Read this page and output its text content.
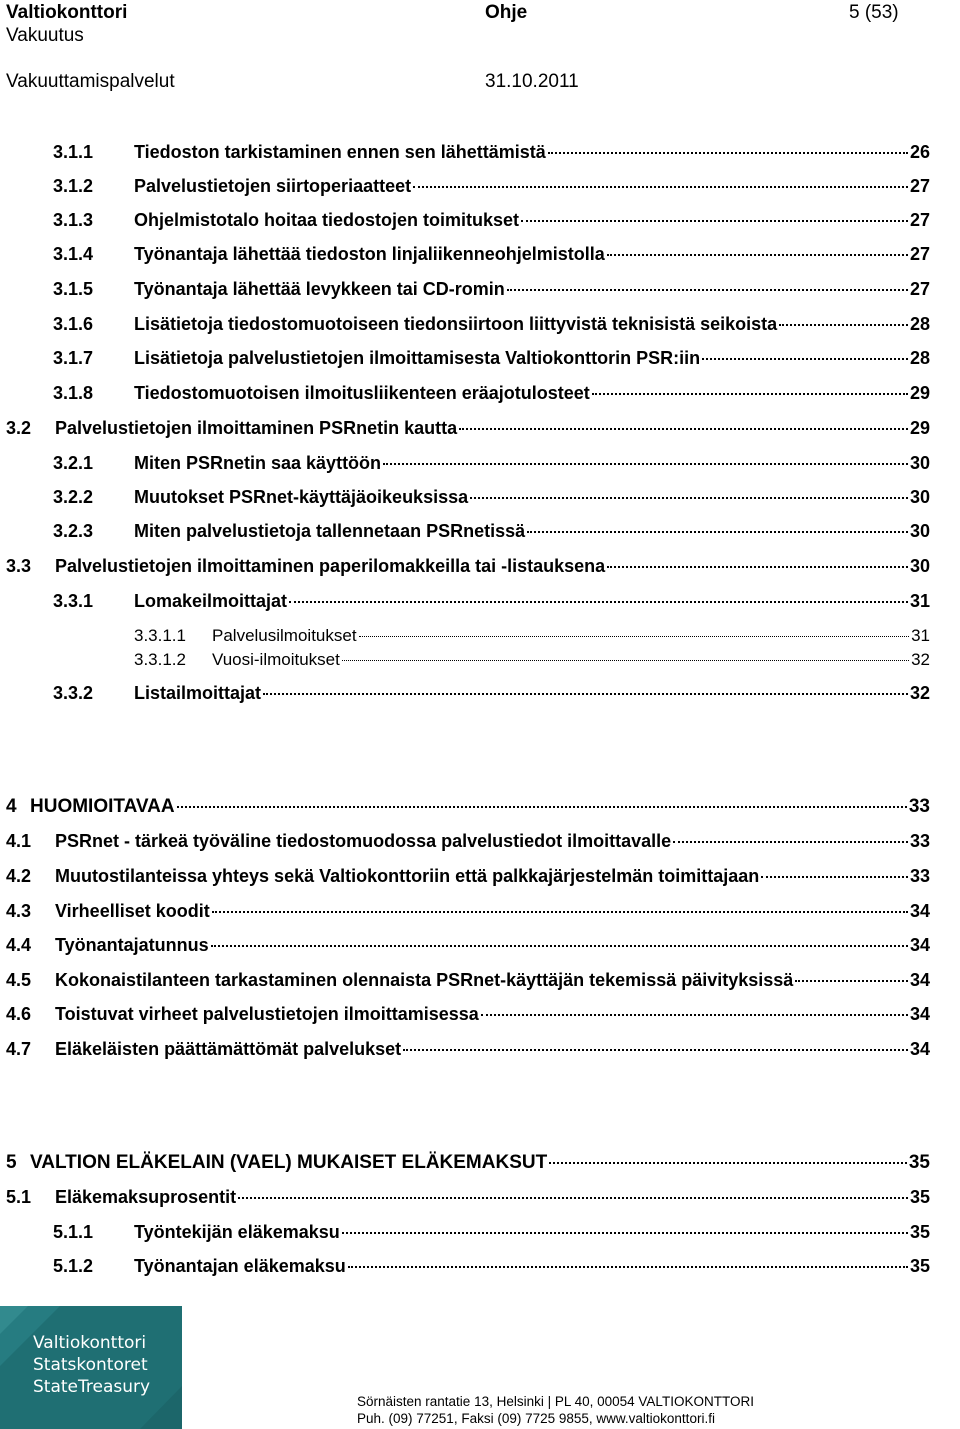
Valtiokonttori
Vakuutus
Vakuuttamispalvelut
Ohje
31.10.2011
5 (53)
3.1.1	Tiedoston tarkistaminen ennen sen lähettämistä	26
3.1.2	Palvelustietojen siirtoperiaatteet	27
3.1.3	Ohjelmistotalo hoitaa tiedostojen toimitukset	27
3.1.4	Työnantaja lähettää tiedoston linjaliikenneohjelmistolla	27
3.1.5	Työnantaja lähettää levykkeen tai CD-romin	27
3.1.6	Lisätietoja tiedostomuotoiseen tiedonsiirtoon liittyvistä teknisistä seikoista	28
3.1.7	Lisätietoja palvelustietojen ilmoittamisesta Valtiokonttorin PSR:iin	28
3.1.8	Tiedostomuotoisen ilmoitusliikenteen eräajotulosteet	29
3.2	Palvelustietojen ilmoittaminen PSRnetin kautta	29
3.2.1	Miten PSRnetin saa käyttöön	30
3.2.2	Muutokset PSRnet-käyttäjäoikeuksissa	30
3.2.3	Miten palvelustietoja tallennetaan PSRnetissä	30
3.3	Palvelustietojen ilmoittaminen paperilomakkeilla tai -listauksena	30
3.3.1	Lomakeilmoittajat	31
3.3.1.1	Palvelusilmoitukset	31
3.3.1.2	Vuosi-ilmoitukset	32
3.3.2	Listailmoittajat	32
4 HUOMIOITAVAA	33
4.1	PSRnet - tärkeä työväline tiedostomuodossa palvelustiedot ilmoittavalle	33
4.2	Muutostilanteissa yhteys sekä Valtiokonttoriin että palkkajärjestelmän toimittajaan	33
4.3	Virheelliset koodit	34
4.4	Työnantajatunnus	34
4.5	Kokonaistilanteen tarkastaminen olennaista PSRnet-käyttäjän tekemissä päivityksissä	34
4.6	Toistuvat virheet palvelustietojen ilmoittamisessa	34
4.7	Eläkeläisten päättämättömät palvelukset	34
5 VALTION ELÄKELAIN (VAEL) MUKAISET ELÄKEMAKSUT	35
5.1	Eläkemaksuprosentit	35
5.1.1	Työntekijän eläkemaksu	35
5.1.2	Työnantajan eläkemaksu	35
Valtiokonttori
Statskontoret
StateTreasury
Sörnäisten rantatie 13, Helsinki | PL 40, 00054 VALTIOKONTTORI
Puh. (09) 77251, Faksi (09) 7725 9855, www.valtiokonttori.fi
